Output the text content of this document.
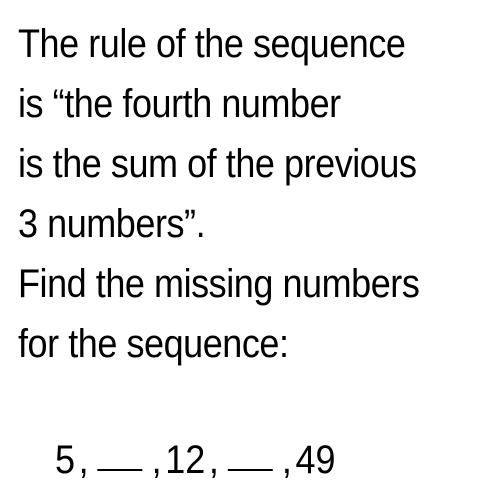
The rule of the sequence
is “the fourth number
is the sum of the previous
3 numbers”.
Find the missing numbers
for the sequence:
5 , , 12 , , 49
